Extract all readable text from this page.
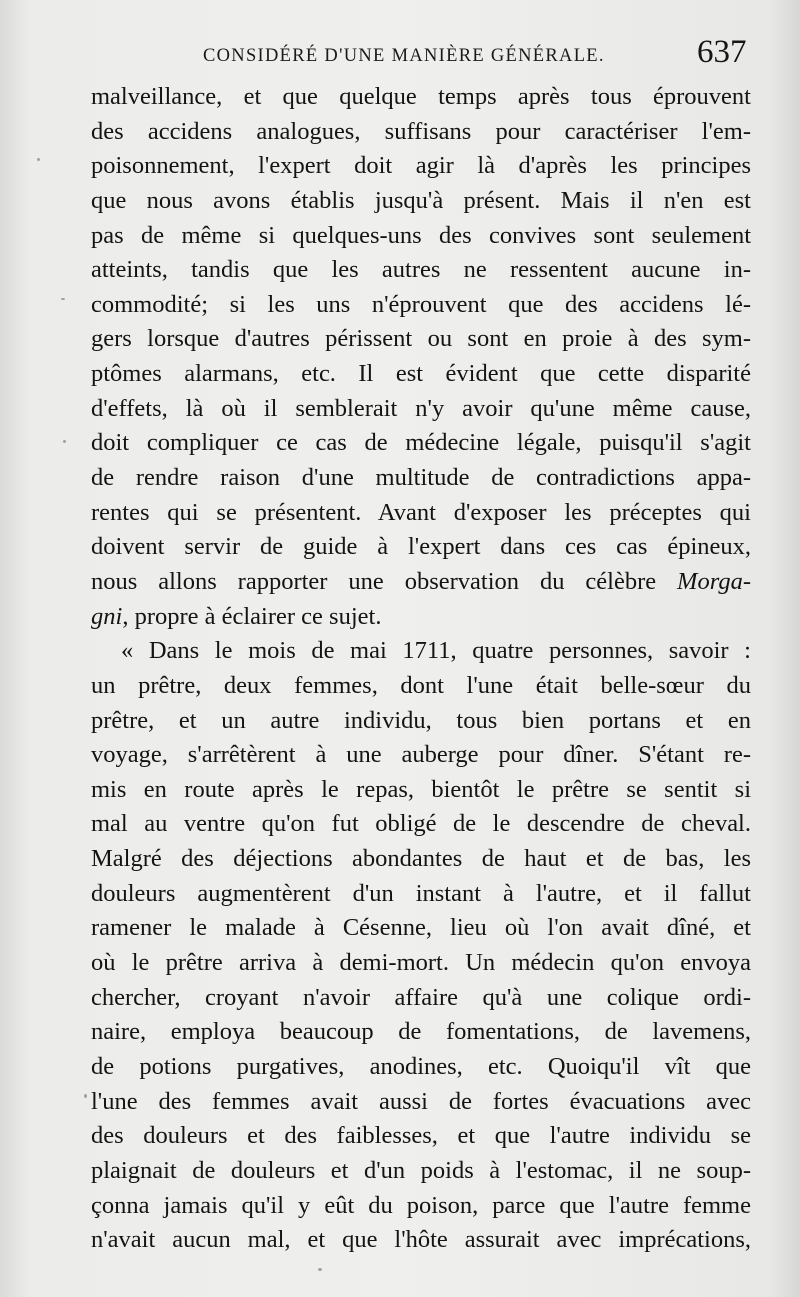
CONSIDÉRÉ D'UNE MANIÈRE GÉNÉRALE.	637
malveillance, et que quelque temps après tous éprouvent
des accidens analogues, suffisans pour caractériser l'em-
poisonnement, l'expert doit agir là d'après les principes
que nous avons établis jusqu'à présent. Mais il n'en est
pas de même si quelques-uns des convives sont seulement
atteints, tandis que les autres ne ressentent aucune in-
commodité; si les uns n'éprouvent que des accidens lé-
gers lorsque d'autres périssent ou sont en proie à des sym-
ptômes alarmans, etc. Il est évident que cette disparité
d'effets, là où il semblerait n'y avoir qu'une même cause,
doit compliquer ce cas de médecine légale, puisqu'il s'agit
de rendre raison d'une multitude de contradictions appa-
rentes qui se présentent. Avant d'exposer les préceptes qui
doivent servir de guide à l'expert dans ces cas épineux,
nous allons rapporter une observation du célèbre Morga-
gni, propre à éclairer ce sujet.
« Dans le mois de mai 1711, quatre personnes, savoir :
un prêtre, deux femmes, dont l'une était belle-sœur du
prêtre, et un autre individu, tous bien portans et en
voyage, s'arrêtèrent à une auberge pour dîner. S'étant re-
mis en route après le repas, bientôt le prêtre se sentit si
mal au ventre qu'on fut obligé de le descendre de cheval.
Malgré des déjections abondantes de haut et de bas, les
douleurs augmentèrent d'un instant à l'autre, et il fallut
ramener le malade à Césenne, lieu où l'on avait dîné, et
où le prêtre arriva à demi-mort. Un médecin qu'on envoya
chercher, croyant n'avoir affaire qu'à une colique ordi-
naire, employa beaucoup de fomentations, de lavemens,
de potions purgatives, anodines, etc. Quoiqu'il vît que
l'une des femmes avait aussi de fortes évacuations avec
des douleurs et des faiblesses, et que l'autre individu se
plaignait de douleurs et d'un poids à l'estomac, il ne soup-
çonna jamais qu'il y eût du poison, parce que l'autre femme
n'avait aucun mal, et que l'hôte assurait avec imprécations,
